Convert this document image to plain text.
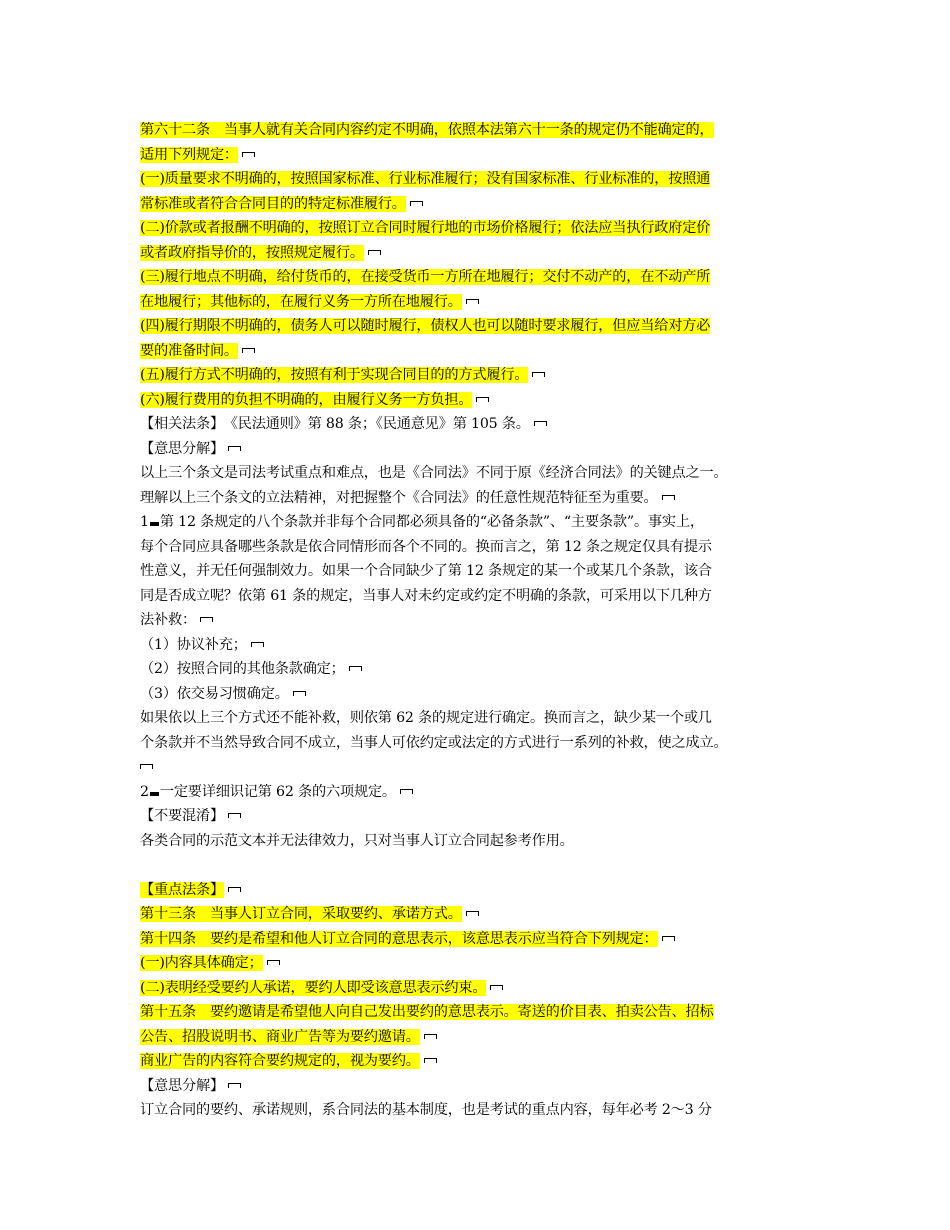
第六十二条　当事人就有关合同内容约定不明确，依照本法第六十一条的规定仍不能确定的，
适用下列规定：
(一)质量要求不明确的，按照国家标准、行业标准履行；没有国家标准、行业标准的，按照通
常标准或者符合合同目的的特定标准履行。
(二)价款或者报酬不明确的，按照订立合同时履行地的市场价格履行；依法应当执行政府定价
或者政府指导价的，按照规定履行。
(三)履行地点不明确，给付货币的，在接受货币一方所在地履行；交付不动产的，在不动产所
在地履行；其他标的，在履行义务一方所在地履行。
(四)履行期限不明确的，债务人可以随时履行，债权人也可以随时要求履行，但应当给对方必
要的准备时间。
(五)履行方式不明确的，按照有利于实现合同目的的方式履行。
(六)履行费用的负担不明确的，由履行义务一方负担。
【相关法条】　《民法通则》第 88 条；《民通意见》第 105 条。
【意思分解】
以上三个条文是司法考试重点和难点，也是《合同法》不同于原《经济合同法》的关键点之一。
理解以上三个条文的立法精神，对把握整个《合同法》的任意性规范特征至为重要。
1 第 12 条规定的八个条款并非每个合同都必须具备的“必备条款”、“主要条款”。事实上，
每个合同应具备哪些条款是依合同情形而各个不同的。换而言之，第 12 条之规定仅具有提示
性意义，并无任何强制效力。如果一个合同缺少了第 12 条规定的某一个或某几个条款，该合
同是否成立呢？依第 61 条的规定，当事人对未约定或约定不明确的条款，可采用以下几种方
法补救：
（1）协议补充；
（2）按照合同的其他条款确定；
（3）依交易习惯确定。
如果依以上三个方式还不能补救，则依第 62 条的规定进行确定。换而言之，缺少某一个或几
个条款并不当然导致合同不成立，当事人可依约定或法定的方式进行一系列的补救，使之成立。
2 一定要详细识记第 62 条的六项规定。
【不要混淆】
各类合同的示范文本并无法律效力，只对当事人订立合同起参考作用。
【重点法条】
第十三条　当事人订立合同，采取要约、承诺方式。
第十四条　要约是希望和他人订立合同的意思表示，该意思表示应当符合下列规定：
(一)内容具体确定；
(二)表明经受要约人承诺，要约人即受该意思表示约束。
第十五条　要约邀请是希望他人向自己发出要约的意思表示。寄送的价目表、拍卖公告、招标
公告、招股说明书、商业广告等为要约邀请。
商业广告的内容符合要约规定的，视为要约。
【意思分解】
订立合同的要约、承诺规则，系合同法的基本制度，也是考试的重点内容，每年必考 2～3 分
